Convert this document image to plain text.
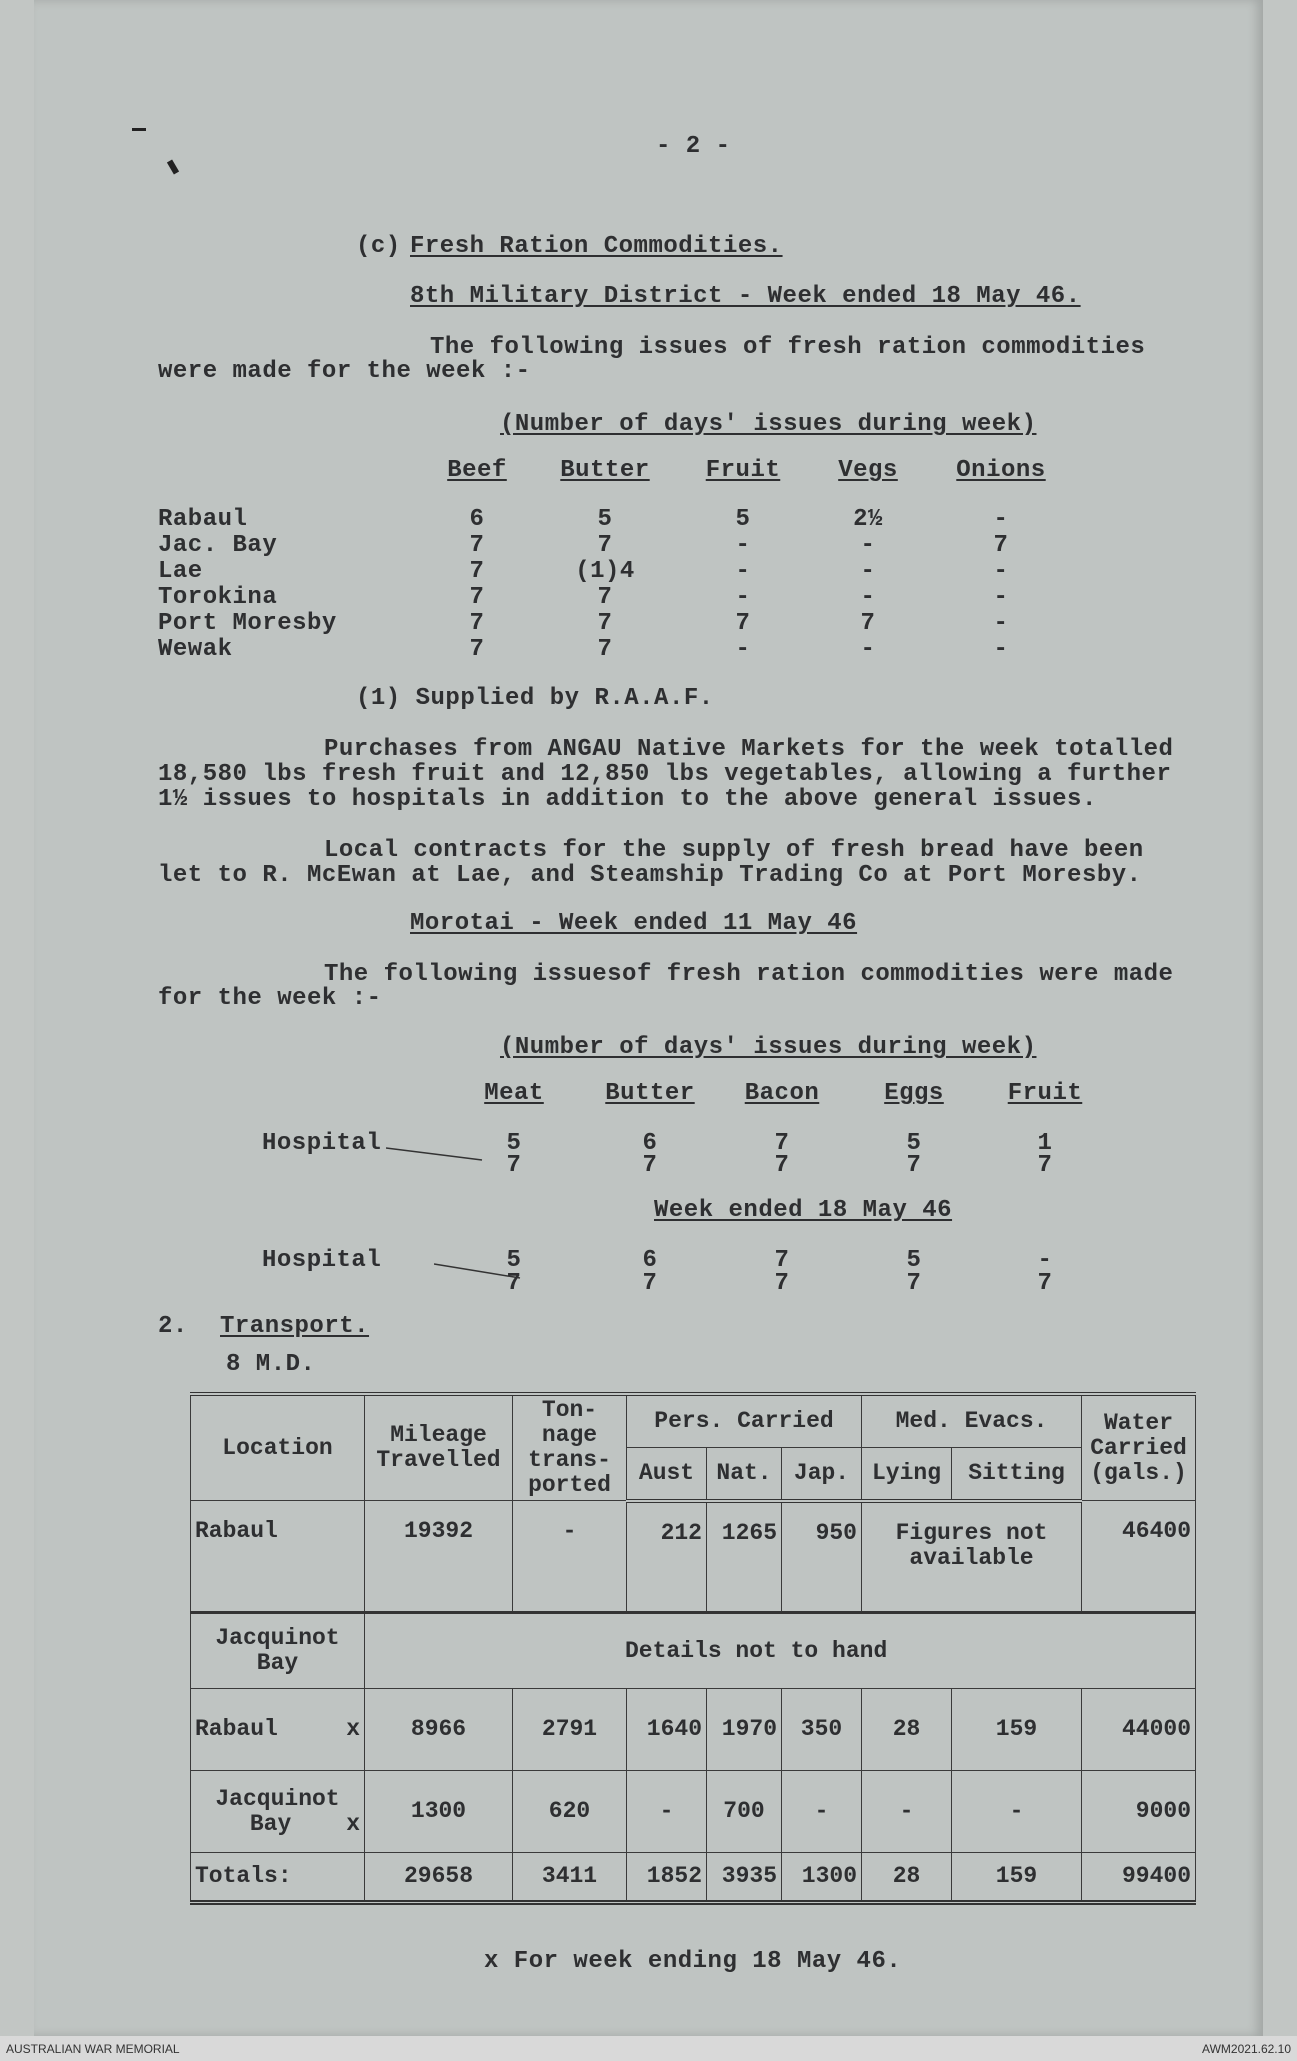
- 2 -
(c) Fresh Ration Commodities.
8th Military District - Week ended 18 May 46.
The following issues of fresh ration commodities
were made for the week :-
(Number of days' issues during week)
Beef	Butter	Fruit	Vegs	Onions
Rabaul	6	5	5	2½	-
Jac. Bay	7	7	-	-	7
Lae	7	(1)4	-	-	-
Torokina	7	7	-	-	-
Port Moresby	7	7	7	7	-
Wewak	7	7	-	-	-
(1) Supplied by R.A.A.F.
Purchases from ANGAU Native Markets for the week totalled
18,580 lbs fresh fruit and 12,850 lbs vegetables, allowing a further
1½ issues to hospitals in addition to the above general issues.
Local contracts for the supply of fresh bread have been
let to R. McEwan at Lae, and Steamship Trading Co at Port Moresby.
Morotai - Week ended 11 May 46
The following issuesof fresh ration commodities were made
for the week :-
(Number of days' issues during week)
Meat	Butter	Bacon	Eggs	Fruit
Hospital	5	6	7	5	1
7	7	7	7	7
Week ended 18 May 46
Hospital	5	6	7	5	-
7	7	7	7	7
2. Transport.
8 M.D.
Location	Mileage Travelled	Ton- nage trans- ported	Pers. Carried			Med. Evacs.		Water Carried (gals.)
			Aust	Nat.	Jap.	Lying	Sitting	
Rabaul	19392	-	212	1265	950	Figures not available		46400
Jacquinot Bay	Details not to hand							
Rabaul x	8966	2791	1640	1970	350	28	159	44000
Jacquinot Bay x	1300	620	-	700	-	-	-	9000
Totals:	29658	3411	1852	3935	1300	28	159	99400
x For week ending 18 May 46.
AUSTRALIAN WAR MEMORIAL	AWM2021.62.10
